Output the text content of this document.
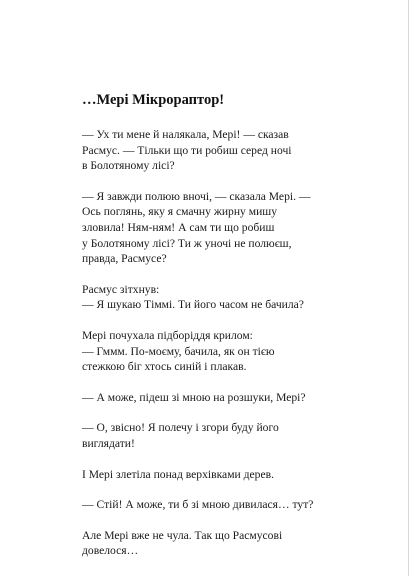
…Мері Мікрораптор!
— Ух ти мене й налякала, Мері! — сказав
Расмус. — Тільки що ти робиш серед ночі
в Болотяному лісі?
— Я завжди полюю вночі, — сказала Мері. —
Ось поглянь, яку я смачну жирну мишу
зловила! Ням-ням! А сам ти що робиш
у Болотяному лісі? Ти ж уночі не полюєш,
правда, Расмусе?
Расмус зітхнув:
— Я шукаю Тіммі. Ти його часом не бачила?
Мері почухала підборіддя крилом:
— Гммм. По-моєму, бачила, як он тією
стежкою біг хтось синій і плакав.
— А може, підеш зі мною на розшуки, Мері?
— О, звісно! Я полечу і згори буду його
виглядати!
І Мері злетіла понад верхівками дерев.
— Стій! А може, ти б зі мною дивилася… тут?
Але Мері вже не чула. Так що Расмусові
довелося…
